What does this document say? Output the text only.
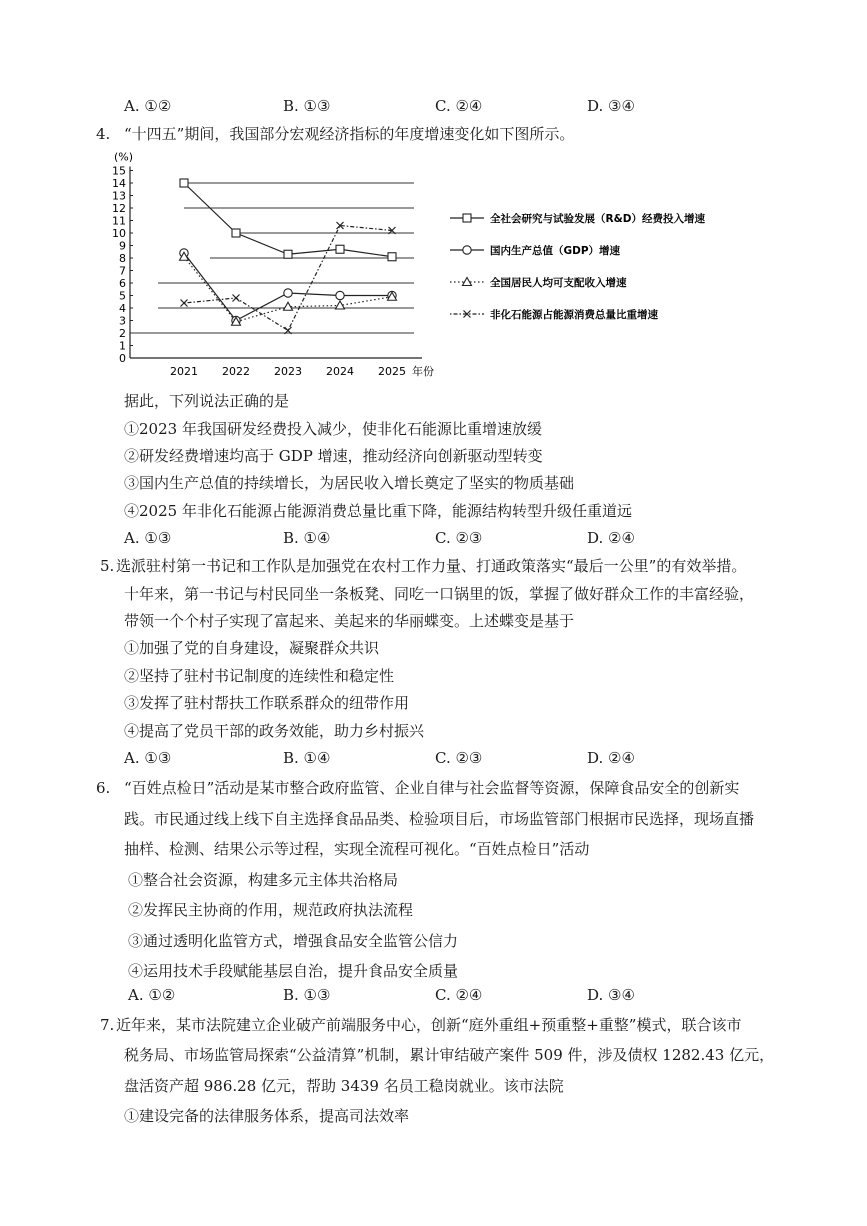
A. ①②	B. ①③	C. ②④	D. ③④
4. “十四五”期间，我国部分宏观经济指标的年度增速变化如下图所示。
(%)
0
1
2
3
4
5
6
7
8
9
10
11
12
13
14
15
2021 2022 2023 2024 2025 年份
全社会研究与试验发展（R&D）经费投入增速
国内生产总值（GDP）增速
全国居民人均可支配收入增速
非化石能源占能源消费总量比重增速
据此，下列说法正确的是
①2023 年我国研发经费投入减少，使非化石能源比重增速放缓
②研发经费增速均高于 GDP 增速，推动经济向创新驱动型转变
③国内生产总值的持续增长，为居民收入增长奠定了坚实的物质基础
④2025 年非化石能源占能源消费总量比重下降，能源结构转型升级任重道远
A. ①③	B. ①④	C. ②③	D. ②④
5. 选派驻村第一书记和工作队是加强党在农村工作力量、打通政策落实“最后一公里”的有效举措。
十年来，第一书记与村民同坐一条板凳、同吃一口锅里的饭，掌握了做好群众工作的丰富经验，
带领一个个村子实现了富起来、美起来的华丽蝶变。上述蝶变是基于
①加强了党的自身建设，凝聚群众共识
②坚持了驻村书记制度的连续性和稳定性
③发挥了驻村帮扶工作联系群众的纽带作用
④提高了党员干部的政务效能，助力乡村振兴
A. ①③	B. ①④	C. ②③	D. ②④
6. “百姓点检日”活动是某市整合政府监管、企业自律与社会监督等资源，保障食品安全的创新实
践。市民通过线上线下自主选择食品品类、检验项目后，市场监管部门根据市民选择，现场直播
抽样、检测、结果公示等过程，实现全流程可视化。“百姓点检日”活动
①整合社会资源，构建多元主体共治格局
②发挥民主协商的作用，规范政府执法流程
③通过透明化监管方式，增强食品安全监管公信力
④运用技术手段赋能基层自治，提升食品安全质量
A. ①②	B. ①③	C. ②④	D. ③④
7. 近年来，某市法院建立企业破产前端服务中心，创新“庭外重组+预重整+重整”模式，联合该市
税务局、市场监管局探索“公益清算”机制，累计审结破产案件 509 件，涉及债权 1282.43 亿元，
盘活资产超 986.28 亿元，帮助 3439 名员工稳岗就业。该市法院
①建设完备的法律服务体系，提高司法效率
